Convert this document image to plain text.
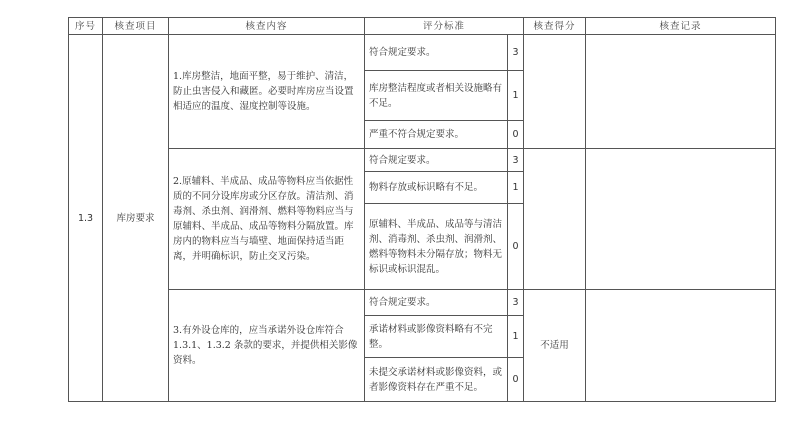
序号	核查项目	核查内容	评分标准		核查得分	核查记录
1.3	库房要求	1.库房整洁，地面平整，易于维护、清洁，防止虫害侵入和藏匿。必要时库房应当设置相适应的温度、湿度控制等设施。	符合规定要求。	3		
			库房整洁程度或者相关设施略有不足。	1		
			严重不符合规定要求。	0		
		2.原辅料、半成品、成品等物料应当依据性质的不同分设库房或分区存放。清洁剂、消毒剂、杀虫剂、润滑剂、燃料等物料应当与原辅料、半成品、成品等物料分隔放置。库房内的物料应当与墙壁、地面保持适当距离，并明确标识，防止交叉污染。	符合规定要求。	3		
			物料存放或标识略有不足。	1		
			原辅料、半成品、成品等与清洁剂、消毒剂、杀虫剂、润滑剂、燃料等物料未分隔存放；物料无标识或标识混乱。	0		
		3.有外设仓库的，应当承诺外设仓库符合 1.3.1、1.3.2 条款的要求，并提供相关影像资料。	符合规定要求。	3	不适用	
			承诺材料或影像资料略有不完整。	1		
			未提交承诺材料或影像资料，或者影像资料存在严重不足。	0		
